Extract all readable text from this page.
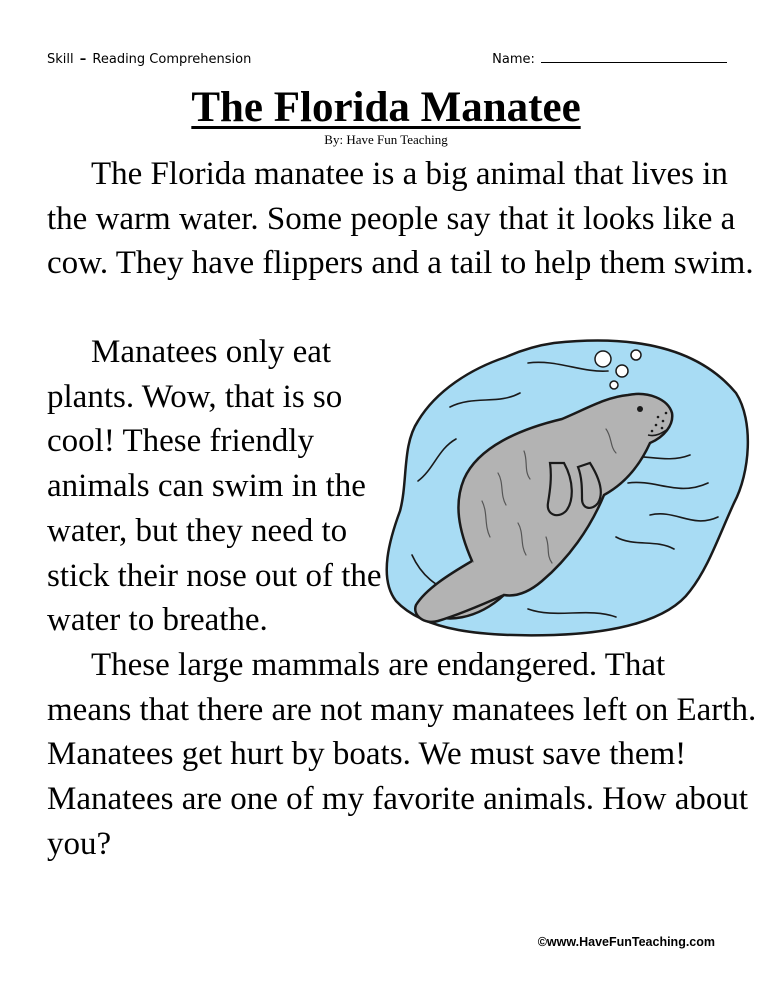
Skill – Reading Comprehension	Name:
The Florida Manatee
By: Have Fun Teaching

The Florida manatee is a big animal that lives in the warm water. Some people say that it looks like a cow. They have flippers and a tail to help them swim.

Manatees only eat plants. Wow, that is so cool! These friendly animals can swim in the water, but they need to stick their nose out of the water to breathe.

These large mammals are endangered. That means that there are not many manatees left on Earth. Manatees get hurt by boats. We must save them! Manatees are one of my favorite animals. How about you?

©www.HaveFunTeaching.com
